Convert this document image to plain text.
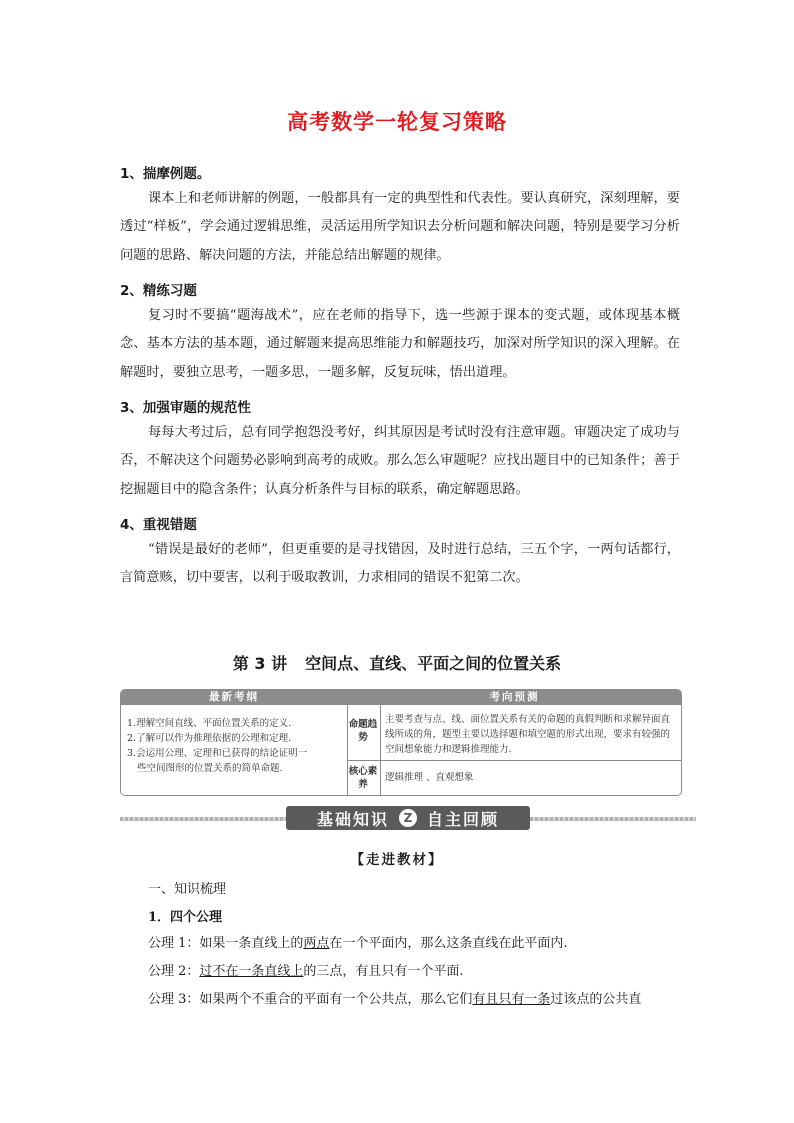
高考数学一轮复习策略
1、揣摩例题。
课本上和老师讲解的例题，一般都具有一定的典型性和代表性。要认真研究，深刻理解，要透过“样板”，学会通过逻辑思维，灵活运用所学知识去分析问题和解决问题，特别是要学习分析问题的思路、解决问题的方法，并能总结出解题的规律。
2、精练习题
复习时不要搞“题海战术”，应在老师的指导下，选一些源于课本的变式题，或体现基本概念、基本方法的基本题，通过解题来提高思维能力和解题技巧，加深对所学知识的深入理解。在解题时，要独立思考，一题多思，一题多解，反复玩味，悟出道理。
3、加强审题的规范性
每每大考过后，总有同学抱怨没考好，纠其原因是考试时没有注意审题。审题决定了成功与否，不解决这个问题势必影响到高考的成败。那么怎么审题呢？应找出题目中的已知条件；善于挖掘题目中的隐含条件；认真分析条件与目标的联系，确定解题思路。
4、重视错题
“错误是最好的老师”，但更重要的是寻找错因，及时进行总结，三五个字，一两句话都行，言简意赅，切中要害，以利于吸取教训，力求相同的错误不犯第二次。
第 3 讲 空间点、直线、平面之间的位置关系
最新考纲	考向预测
1.理解空间直线、平面位置关系的定义.
2.了解可以作为推理依据的公理和定理.
3.会运用公理、定理和已获得的结论证明一
些空间图形的位置关系的简单命题.
命题趋势
主要考查与点、线、面位置关系有关的命题的真假判断和求解异面直线所成的角，题型主要以选择题和填空题的形式出现，要求有较强的空间想象能力和逻辑推理能力.
核心素养
逻辑推理 、直观想象
基础知识	Z 自主回顾
【走进教材】
一、知识梳理
1．四个公理
公理 1：如果一条直线上的两点在一个平面内，那么这条直线在此平面内.
公理 2：过不在一条直线上的三点，有且只有一个平面.
公理 3：如果两个不重合的平面有一个公共点，那么它们有且只有一条过该点的公共直
